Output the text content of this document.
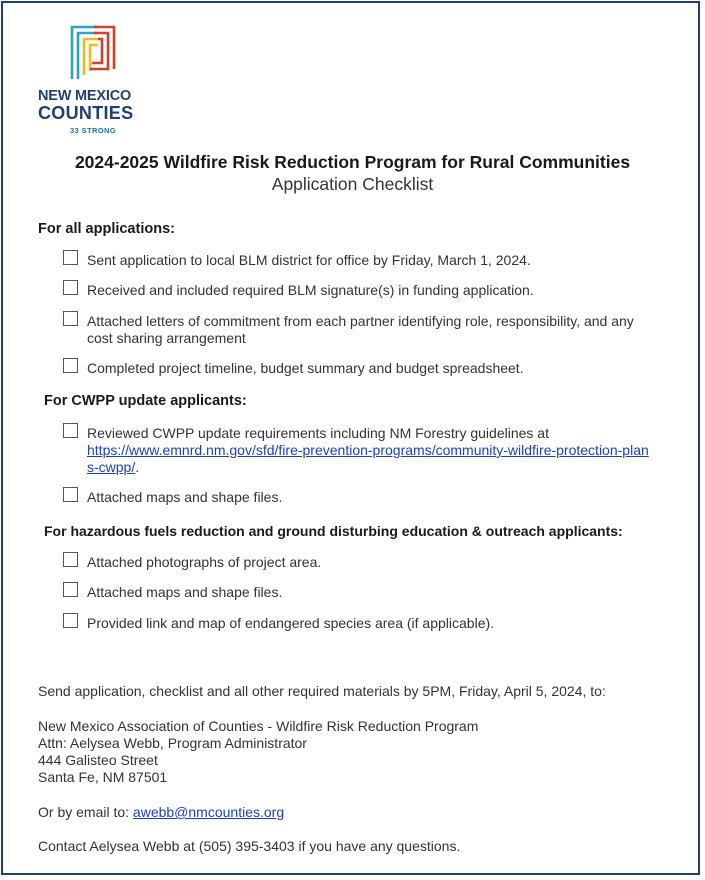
NEW MEXICO
COUNTIES
33 STRONG
2024-2025 Wildfire Risk Reduction Program for Rural Communities
Application Checklist
For all applications:
Sent application to local BLM district for office by Friday, March 1, 2024.
Received and included required BLM signature(s) in funding application.
Attached letters of commitment from each partner identifying role, responsibility, and any cost sharing arrangement
Completed project timeline, budget summary and budget spreadsheet.
For CWPP update applicants:
Reviewed CWPP update requirements including NM Forestry guidelines at
https://www.emnrd.nm.gov/sfd/fire-prevention-programs/community-wildfire-protection-plans-cwpp/.
Attached maps and shape files.
For hazardous fuels reduction and ground disturbing education & outreach applicants:
Attached photographs of project area.
Attached maps and shape files.
Provided link and map of endangered species area (if applicable).
Send application, checklist and all other required materials by 5PM, Friday, April 5, 2024, to:
New Mexico Association of Counties - Wildfire Risk Reduction Program
Attn: Aelysea Webb, Program Administrator
444 Galisteo Street
Santa Fe, NM 87501
Or by email to: awebb@nmcounties.org
Contact Aelysea Webb at (505) 395-3403 if you have any questions.
